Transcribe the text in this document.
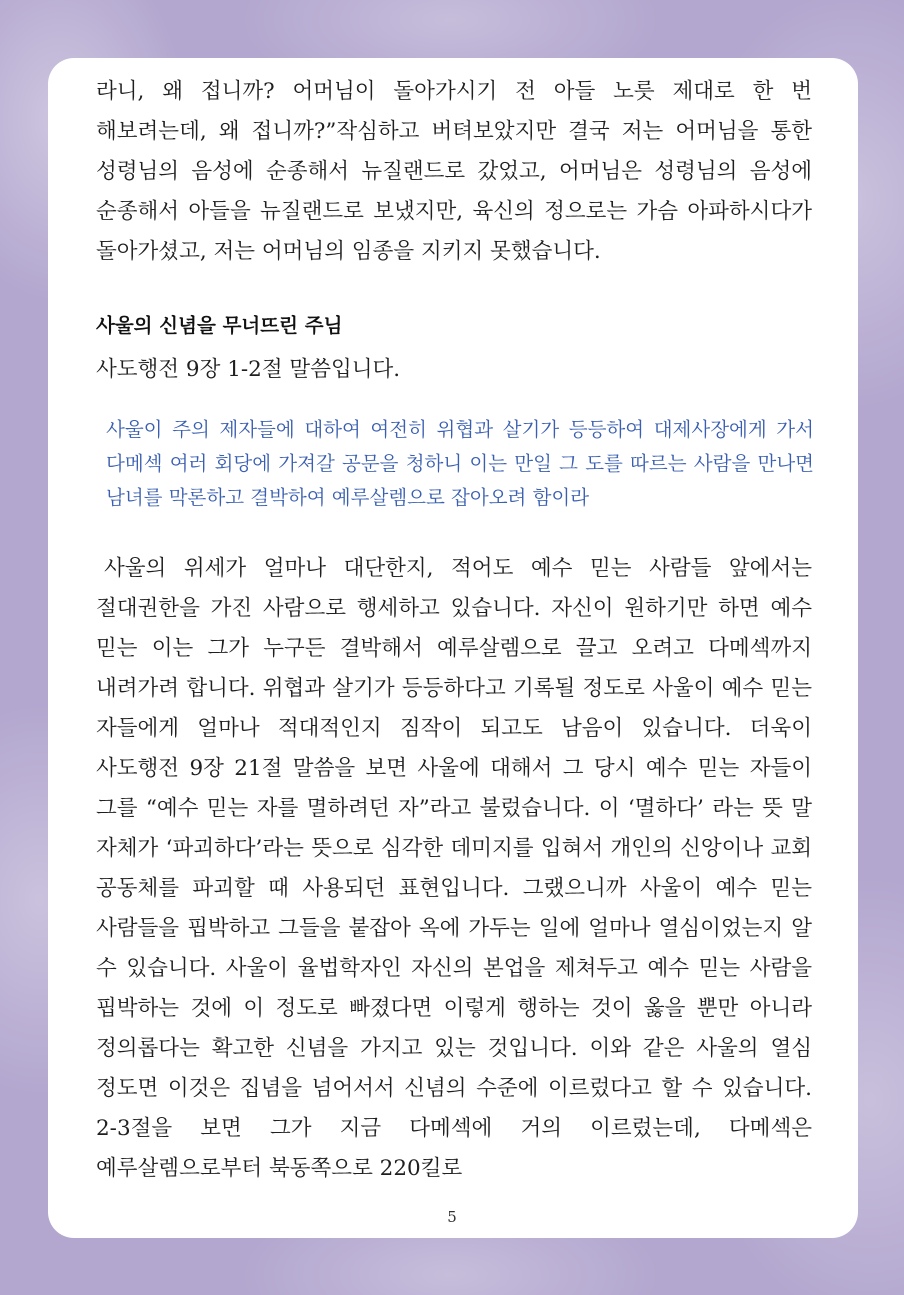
라니, 왜 접니까? 어머님이 돌아가시기 전 아들 노릇 제대로 한 번 해보려는데, 왜 접니까?”작심하고 버텨보았지만 결국 저는 어머님을 통한 성령님의 음성에 순종해서 뉴질랜드로 갔었고, 어머님은 성령님의 음성에 순종해서 아들을 뉴질랜드로 보냈지만, 육신의 정으로는 가슴 아파하시다가 돌아가셨고, 저는 어머님의 임종을 지키지 못했습니다.

사울의 신념을 무너뜨린 주님

사도행전 9장 1-2절 말씀입니다.

사울이 주의 제자들에 대하여 여전히 위협과 살기가 등등하여 대제사장에게 가서 다메섹 여러 회당에 가져갈 공문을 청하니 이는 만일 그 도를 따르는 사람을 만나면 남녀를 막론하고 결박하여 예루살렘으로 잡아오려 함이라

사울의 위세가 얼마나 대단한지, 적어도 예수 믿는 사람들 앞에서는 절대권한을 가진 사람으로 행세하고 있습니다. 자신이 원하기만 하면 예수 믿는 이는 그가 누구든 결박해서 예루살렘으로 끌고 오려고 다메섹까지 내려가려 합니다. 위협과 살기가 등등하다고 기록될 정도로 사울이 예수 믿는 자들에게 얼마나 적대적인지 짐작이 되고도 남음이 있습니다. 더욱이 사도행전 9장 21절 말씀을 보면 사울에 대해서 그 당시 예수 믿는 자들이 그를 “예수 믿는 자를 멸하려던 자”라고 불렀습니다. 이 ‘멸하다’ 라는 뜻 말 자체가 ‘파괴하다’라는 뜻으로 심각한 데미지를 입혀서 개인의 신앙이나 교회 공동체를 파괴할 때 사용되던 표현입니다. 그랬으니까 사울이 예수 믿는 사람들을 핍박하고 그들을 붙잡아 옥에 가두는 일에 얼마나 열심이었는지 알 수 있습니다. 사울이 율법학자인 자신의 본업을 제쳐두고 예수 믿는 사람을 핍박하는 것에 이 정도로 빠졌다면 이렇게 행하는 것이 옳을 뿐만 아니라 정의롭다는 확고한 신념을 가지고 있는 것입니다. 이와 같은 사울의 열심 정도면 이것은 집념을 넘어서서 신념의 수준에 이르렀다고 할 수 있습니다. 2-3절을 보면 그가 지금 다메섹에 거의 이르렀는데, 다메섹은 예루살렘으로부터 북동쪽으로 220킬로

5
